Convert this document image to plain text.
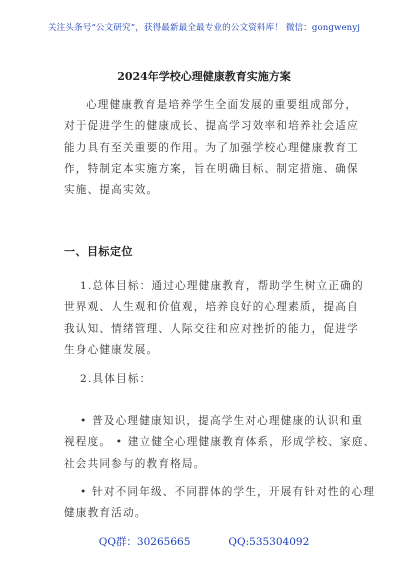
关注头条号“公文研究”，获得最新最全最专业的公文资料库！ 微信：gongwenyj
2024年学校心理健康教育实施方案

心理健康教育是培养学生全面发展的重要组成部分，
对于促进学生的健康成长、提高学习效率和培养社会适应
能力具有至关重要的作用。为了加强学校心理健康教育工
作，特制定本实施方案，旨在明确目标、制定措施、确保
实施、提高实效。

一、目标定位

1.总体目标：通过心理健康教育，帮助学生树立正确的
世界观、人生观和价值观，培养良好的心理素质，提高自
我认知、情绪管理、人际交往和应对挫折的能力，促进学
生身心健康发展。

2.具体目标：

• 普及心理健康知识，提高学生对心理健康的认识和重
视程度。 • 建立健全心理健康教育体系，形成学校、家庭、
社会共同参与的教育格局。

• 针对不同年级、不同群体的学生，开展有针对性的心理
健康教育活动。

QQ群：30265665	QQ:535304092
